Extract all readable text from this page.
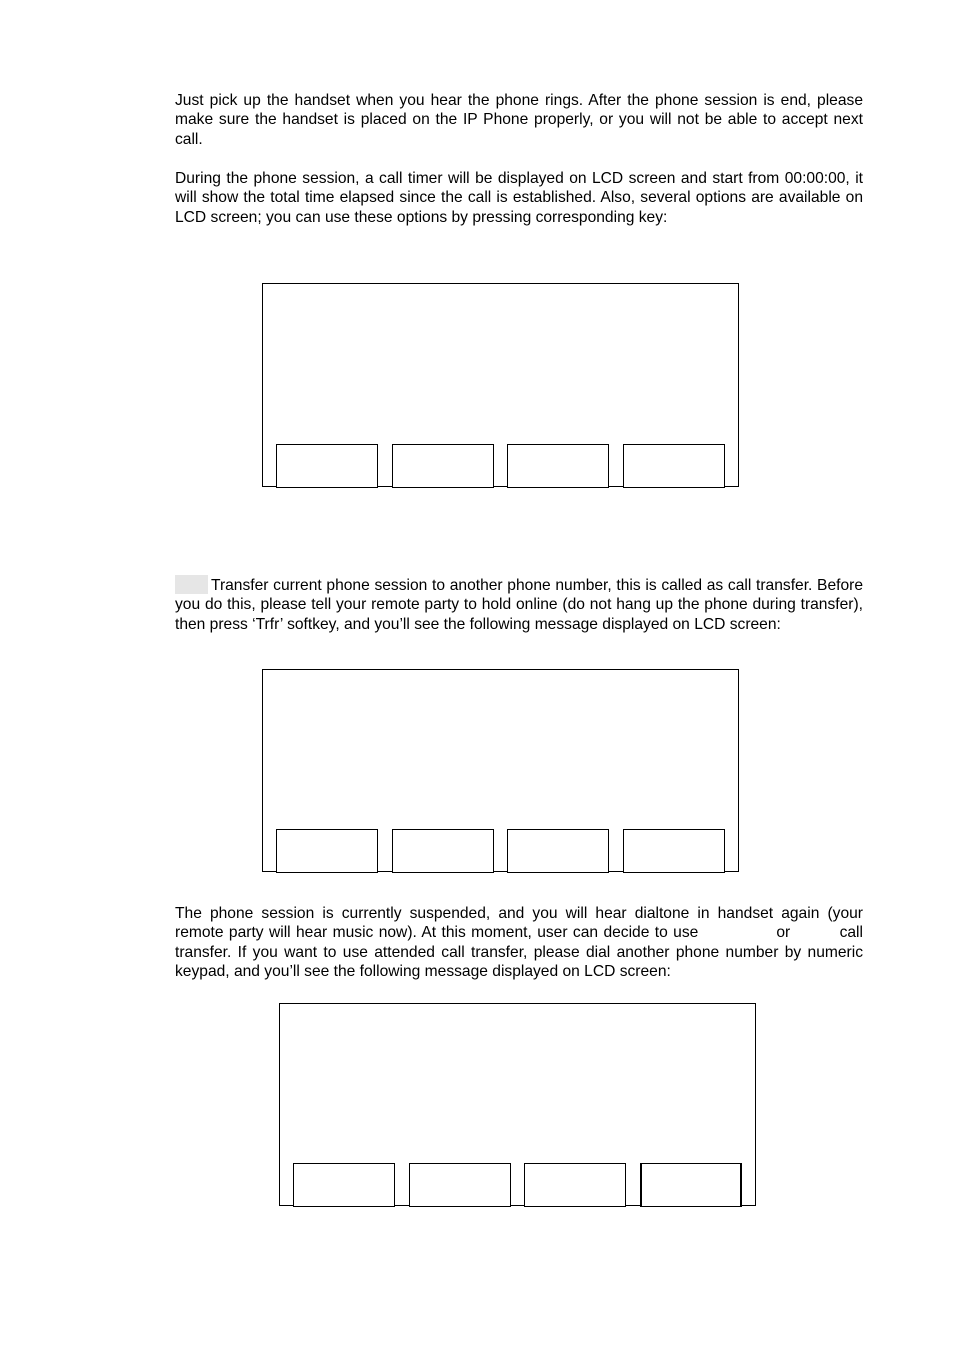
Just pick up the handset when you hear the phone rings. After the phone session is end, please make sure the handset is placed on the IP Phone properly, or you will not be able to accept next call.

During the phone session, a call timer will be displayed on LCD screen and start from 00:00:00, it will show the total time elapsed since the call is established. Also, several options are available on LCD screen; you can use these options by pressing corresponding key:

Transfer current phone session to another phone number, this is called as call transfer. Before you do this, please tell your remote party to hold online (do not hang up the phone during transfer), then press ‘Trfr’ softkey, and you’ll see the following message displayed on LCD screen:

The phone session is currently suspended, and you will hear dialtone in handset again (your remote party will hear music now). At this moment, user can decide to use	or	call transfer. If you want to use attended call transfer, please dial another phone number by numeric keypad, and you’ll see the following message displayed on LCD screen:
